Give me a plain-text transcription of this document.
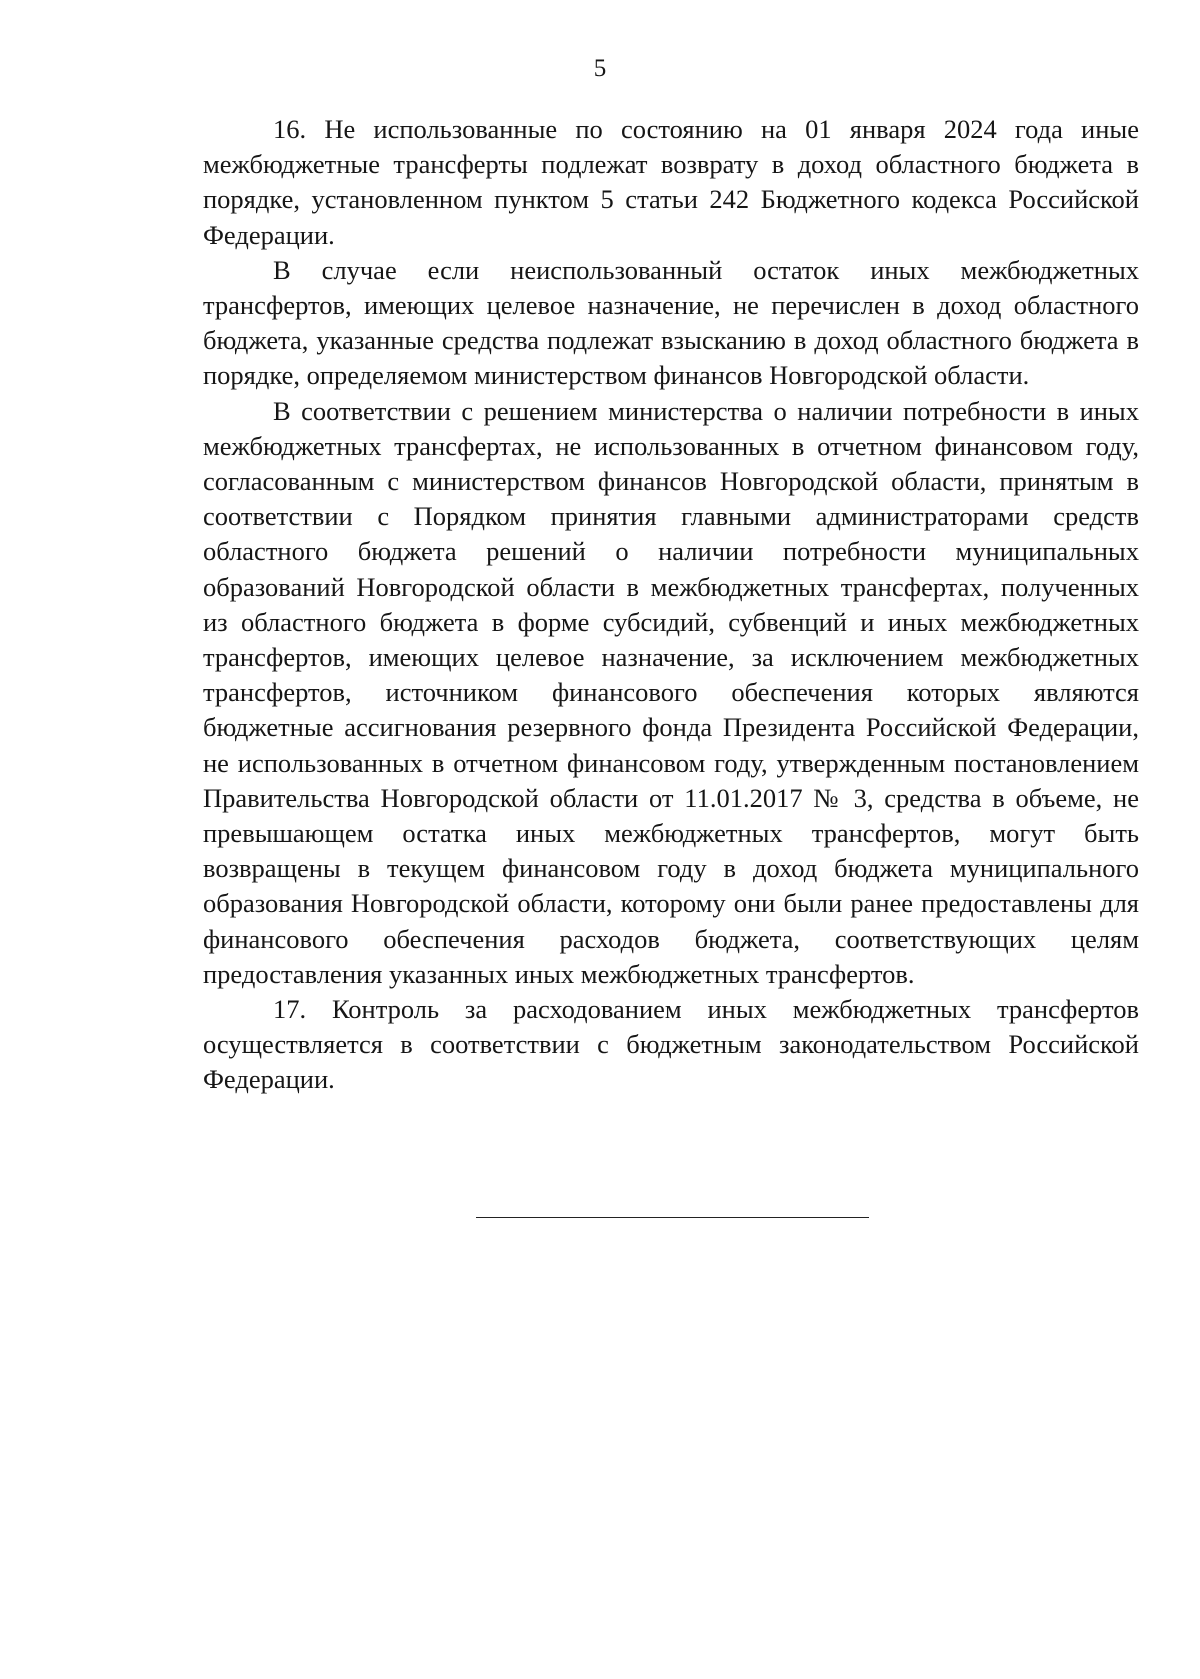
5

16. Не использованные по состоянию на 01 января 2024 года иные межбюджетные трансферты подлежат возврату в доход областного бюджета в порядке, установленном пунктом 5 статьи 242 Бюджетного кодекса Российской Федерации.

В случае если неиспользованный остаток иных межбюджетных трансфертов, имеющих целевое назначение, не перечислен в доход областного бюджета, указанные средства подлежат взысканию в доход областного бюджета в порядке, определяемом министерством финансов Новгородской области.

В соответствии с решением министерства о наличии потребности в иных межбюджетных трансфертах, не использованных в отчетном финансовом году, согласованным с министерством финансов Новгородской области, принятым в соответствии с Порядком принятия главными администраторами средств областного бюджета решений о наличии потребности муниципальных образований Новгородской области в межбюджетных трансфертах, полученных из областного бюджета в форме субсидий, субвенций и иных межбюджетных трансфертов, имеющих целевое назначение, за исключением межбюджетных трансфертов, источником финансового обеспечения которых являются бюджетные ассигнования резервного фонда Президента Российской Федерации, не использованных в отчетном финансовом году, утвержденным постановлением Правительства Новгородской области от 11.01.2017 № 3, средства в объеме, не превышающем остатка иных межбюджетных трансфертов, могут быть возвращены в текущем финансовом году в доход бюджета муниципального образования Новгородской области, которому они были ранее предоставлены для финансового обеспечения расходов бюджета, соответствующих целям предоставления указанных иных межбюджетных трансфертов.

17. Контроль за расходованием иных межбюджетных трансфертов осуществляется в соответствии с бюджетным законодательством Российской Федерации.
